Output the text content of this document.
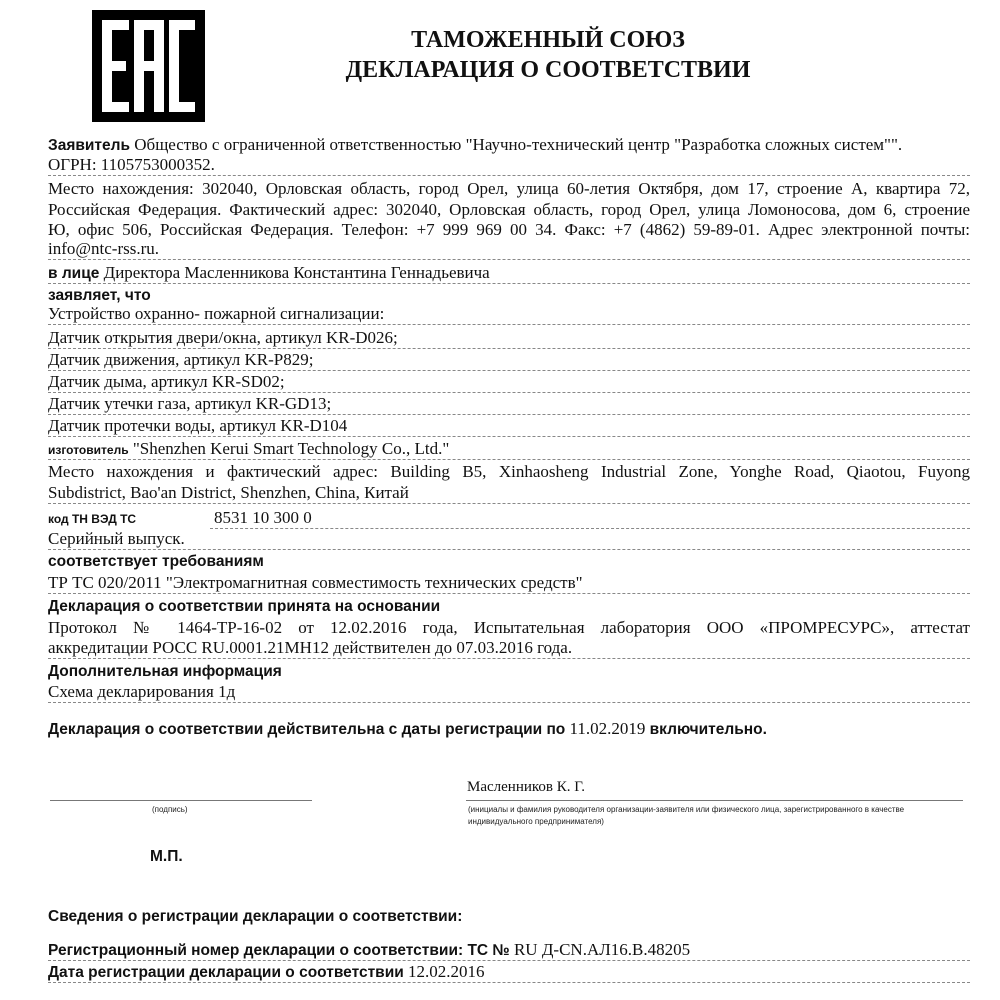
ТАМОЖЕННЫЙ СОЮЗ
ДЕКЛАРАЦИЯ О СООТВЕТСТВИИ
Заявитель Общество с ограниченной ответственностью "Научно-технический центр "Разработка сложных систем"".
ОГРН: 1105753000352.
Место нахождения: 302040, Орловская область, город Орел, улица 60-летия Октября, дом 17, строение А, квартира 72,
Российская Федерация. Фактический адрес: 302040, Орловская область, город Орел, улица Ломоносова, дом 6, строение
Ю, офис 506, Российская Федерация. Телефон: +7 999 969 00 34. Факс: +7 (4862) 59-89-01. Адрес электронной почты:
info@ntc-rss.ru.
в лице Директора Масленникова Константина Геннадьевича
заявляет, что
Устройство охранно- пожарной сигнализации:
Датчик открытия двери/окна, артикул KR-D026;
Датчик движения, артикул KR-P829;
Датчик дыма, артикул KR-SD02;
Датчик утечки газа, артикул KR-GD13;
Датчик протечки воды, артикул KR-D104
изготовитель "Shenzhen Kerui Smart Technology Co., Ltd."
Место нахождения и фактический адрес: Building B5, Xinhaosheng Industrial Zone, Yonghe Road, Qiaotou, Fuyong
Subdistrict, Bao'an District, Shenzhen, China, Китай
код ТН ВЭД ТС	8531 10 300 0
Серийный выпуск.
соответствует требованиям
ТР ТС 020/2011 "Электромагнитная совместимость технических средств"
Декларация о соответствии принята на основании
Протокол № 1464-ТР-16-02 от 12.02.2016 года, Испытательная лаборатория ООО «ПРОМРЕСУРС», аттестат
аккредитации РОСС RU.0001.21МН12 действителен до 07.03.2016 года.
Дополнительная информация
Схема декларирования 1д
Декларация о соответствии действительна с даты регистрации по 11.02.2019 включительно.
Масленников К. Г.
(подпись)	(инициалы и фамилия руководителя организации-заявителя или физического лица, зарегистрированного в качестве
индивидуального предпринимателя)
М.П.
Сведения о регистрации декларации о соответствии:
Регистрационный номер декларации о соответствии: ТС № RU Д-CN.АЛ16.В.48205
Дата регистрации декларации о соответствии 12.02.2016
